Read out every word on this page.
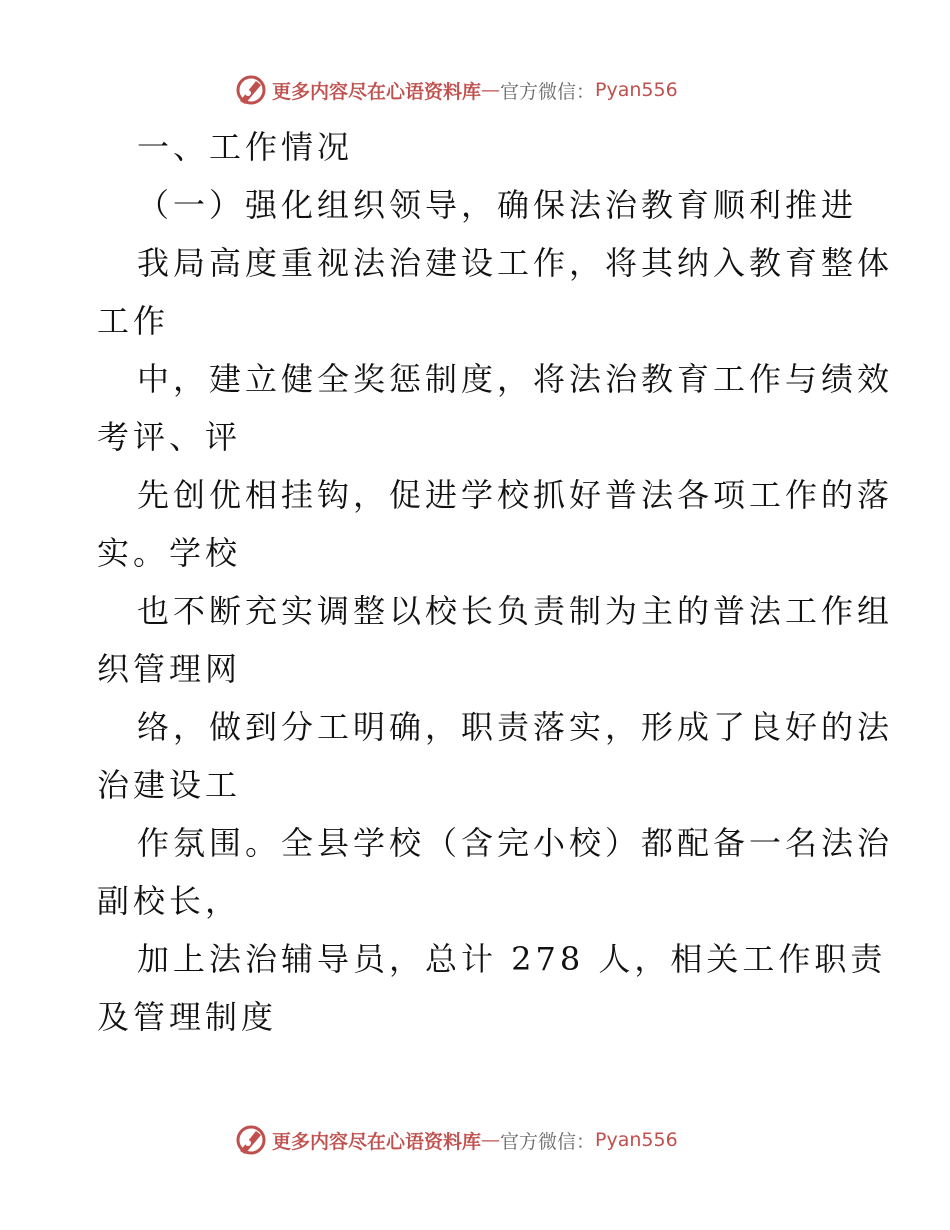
更多内容尽在心语资料库 — 官方微信 ： Pyan556
一、工作情况
（一）强化组织领导，确保法治教育顺利推进
我局高度重视法治建设工作，将其纳入教育整体
工作
中，建立健全奖惩制度，将法治教育工作与绩效
考评、评
先创优相挂钩，促进学校抓好普法各项工作的落
实。学校
也不断充实调整以校长负责制为主的普法工作组
织管理网
络，做到分工明确，职责落实，形成了良好的法
治建设工
作氛围。全县学校（含完小校）都配备一名法治
副校长，
加上法治辅导员，总计 278 人，相关工作职责
及管理制度
更多内容尽在心语资料库 — 官方微信 ： Pyan556
